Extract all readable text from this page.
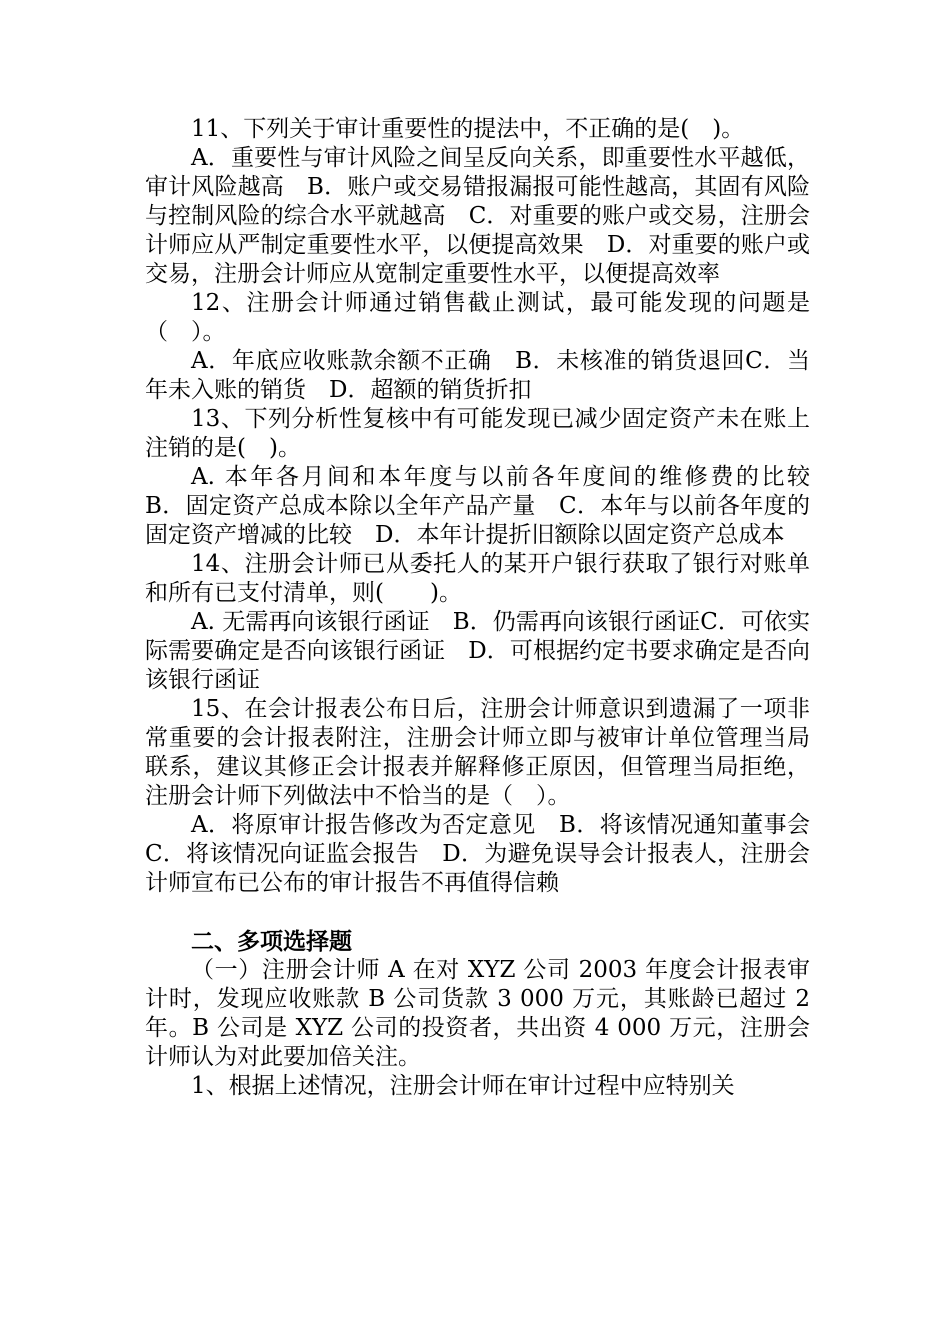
11、下列关于审计重要性的提法中，不正确的是(　)。

A．重要性与审计风险之间呈反向关系，即重要性水平越低，审计风险越高　B．账户或交易错报漏报可能性越高，其固有风险与控制风险的综合水平就越高　C．对重要的账户或交易，注册会计师应从严制定重要性水平，以便提高效果　D．对重要的账户或交易，注册会计师应从宽制定重要性水平，以便提高效率

12、注册会计师通过销售截止测试，最可能发现的问题是（　）。

A．年底应收账款余额不正确　B．未核准的销货退回C．当年未入账的销货　D．超额的销货折扣

13、下列分析性复核中有可能发现已减少固定资产未在账上注销的是(　)。

A. 本年各月间和本年度与以前各年度间的维修费的比较　B．固定资产总成本除以全年产品产量　C．本年与以前各年度的固定资产增减的比较　D．本年计提折旧额除以固定资产总成本

14、注册会计师已从委托人的某开户银行获取了银行对账单和所有已支付清单，则(　　)。

A. 无需再向该银行函证　B．仍需再向该银行函证C．可依实际需要确定是否向该银行函证　D．可根据约定书要求确定是否向该银行函证

15、在会计报表公布日后，注册会计师意识到遗漏了一项非常重要的会计报表附注，注册会计师立即与被审计单位管理当局联系，建议其修正会计报表并解释修正原因，但管理当局拒绝，注册会计师下列做法中不恰当的是（　）。

A．将原审计报告修改为否定意见　B．将该情况通知董事会　C．将该情况向证监会报告　D．为避免误导会计报表人，注册会计师宣布已公布的审计报告不再值得信赖

二、多项选择题

（一）注册会计师 A 在对 XYZ 公司 2003 年度会计报表审计时，发现应收账款 B 公司货款 3 000 万元，其账龄已超过 2 年。B 公司是 XYZ 公司的投资者，共出资 4 000 万元，注册会计师认为对此要加倍关注。

1、根据上述情况，注册会计师在审计过程中应特别关
